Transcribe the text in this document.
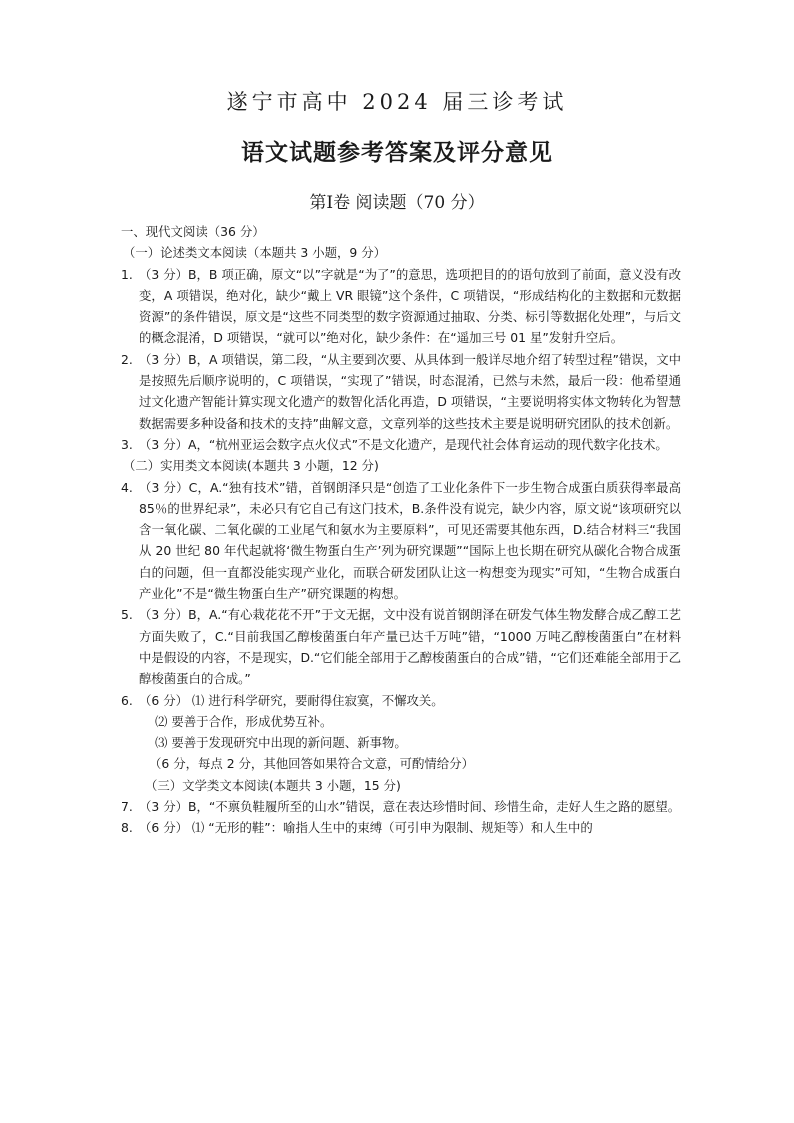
遂宁市高中 2024 届三诊考试
语文试题参考答案及评分意见
第Ⅰ卷 阅读题（70 分）
一、现代文阅读（36 分）
（一）论述类文本阅读（本题共 3 小题，9 分）
1. （3 分）B，B 项正确，原文“以”字就是“为了”的意思，选项把目的的语句放到了前面，意义没有改变，A 项错误，绝对化，缺少“戴上 VR 眼镜”这个条件，C 项错误，“形成结构化的主数据和元数据资源”的条件错误，原文是“这些不同类型的数字资源通过抽取、分类、标引等数据化处理”，与后文的概念混淆，D 项错误，“就可以”绝对化，缺少条件：在“遥加三号 01 星”发射升空后。
2. （3 分）B，A 项错误，第二段，“从主要到次要、从具体到一般详尽地介绍了转型过程”错误，文中是按照先后顺序说明的，C 项错误，“实现了”错误，时态混淆，已然与未然，最后一段：他希望通过文化遗产智能计算实现文化遗产的数智化活化再造，D 项错误，“主要说明将实体文物转化为智慧数据需要多种设备和技术的支持”曲解文意，文章列举的这些技术主要是说明研究团队的技术创新。
3. （3 分）A，“杭州亚运会数字点火仪式”不是文化遗产，是现代社会体育运动的现代数字化技术。
（二）实用类文本阅读(本题共 3 小题，12 分)
4. （3 分）C，A.“独有技术”错，首钢朗泽只是“创造了工业化条件下一步生物合成蛋白质获得率最高 85％的世界纪录”，未必只有它自己有这门技术，B.条件没有说完，缺少内容，原文说“该项研究以含一氧化碳、二氧化碳的工业尾气和氨水为主要原料”，可见还需要其他东西，D.结合材料三“我国从 20 世纪 80 年代起就将‘微生物蛋白生产’列为研究课题”“国际上也长期在研究从碳化合物合成蛋白的问题，但一直都没能实现产业化，而联合研发团队让这一构想变为现实”可知，“生物合成蛋白产业化”不是“微生物蛋白生产”研究课题的构想。
5. （3 分）B，A.“有心栽花花不开”于文无据，文中没有说首钢朗泽在研发气体生物发酵合成乙醇工艺方面失败了，C.“目前我国乙醇梭菌蛋白年产量已达千万吨”错，“1000 万吨乙醇梭菌蛋白”在材料中是假设的内容，不是现实，D.“它们能全部用于乙醇梭菌蛋白的合成”错，“它们还难能全部用于乙醇梭菌蛋白的合成。”
6. （6 分） ⑴ 进行科学研究，要耐得住寂寞，不懈攻关。
⑵ 要善于合作，形成优势互补。
⑶ 要善于发现研究中出现的新问题、新事物。
（6 分，每点 2 分，其他回答如果符合文意，可酌情给分）
（三）文学类文本阅读(本题共 3 小题，15 分)
7. （3 分）B，“不禀负鞋履所至的山水”错误，意在表达珍惜时间、珍惜生命，走好人生之路的愿望。
8. （6 分） ⑴ “无形的鞋”：喻指人生中的束缚（可引申为限制、规矩等）和人生中的
